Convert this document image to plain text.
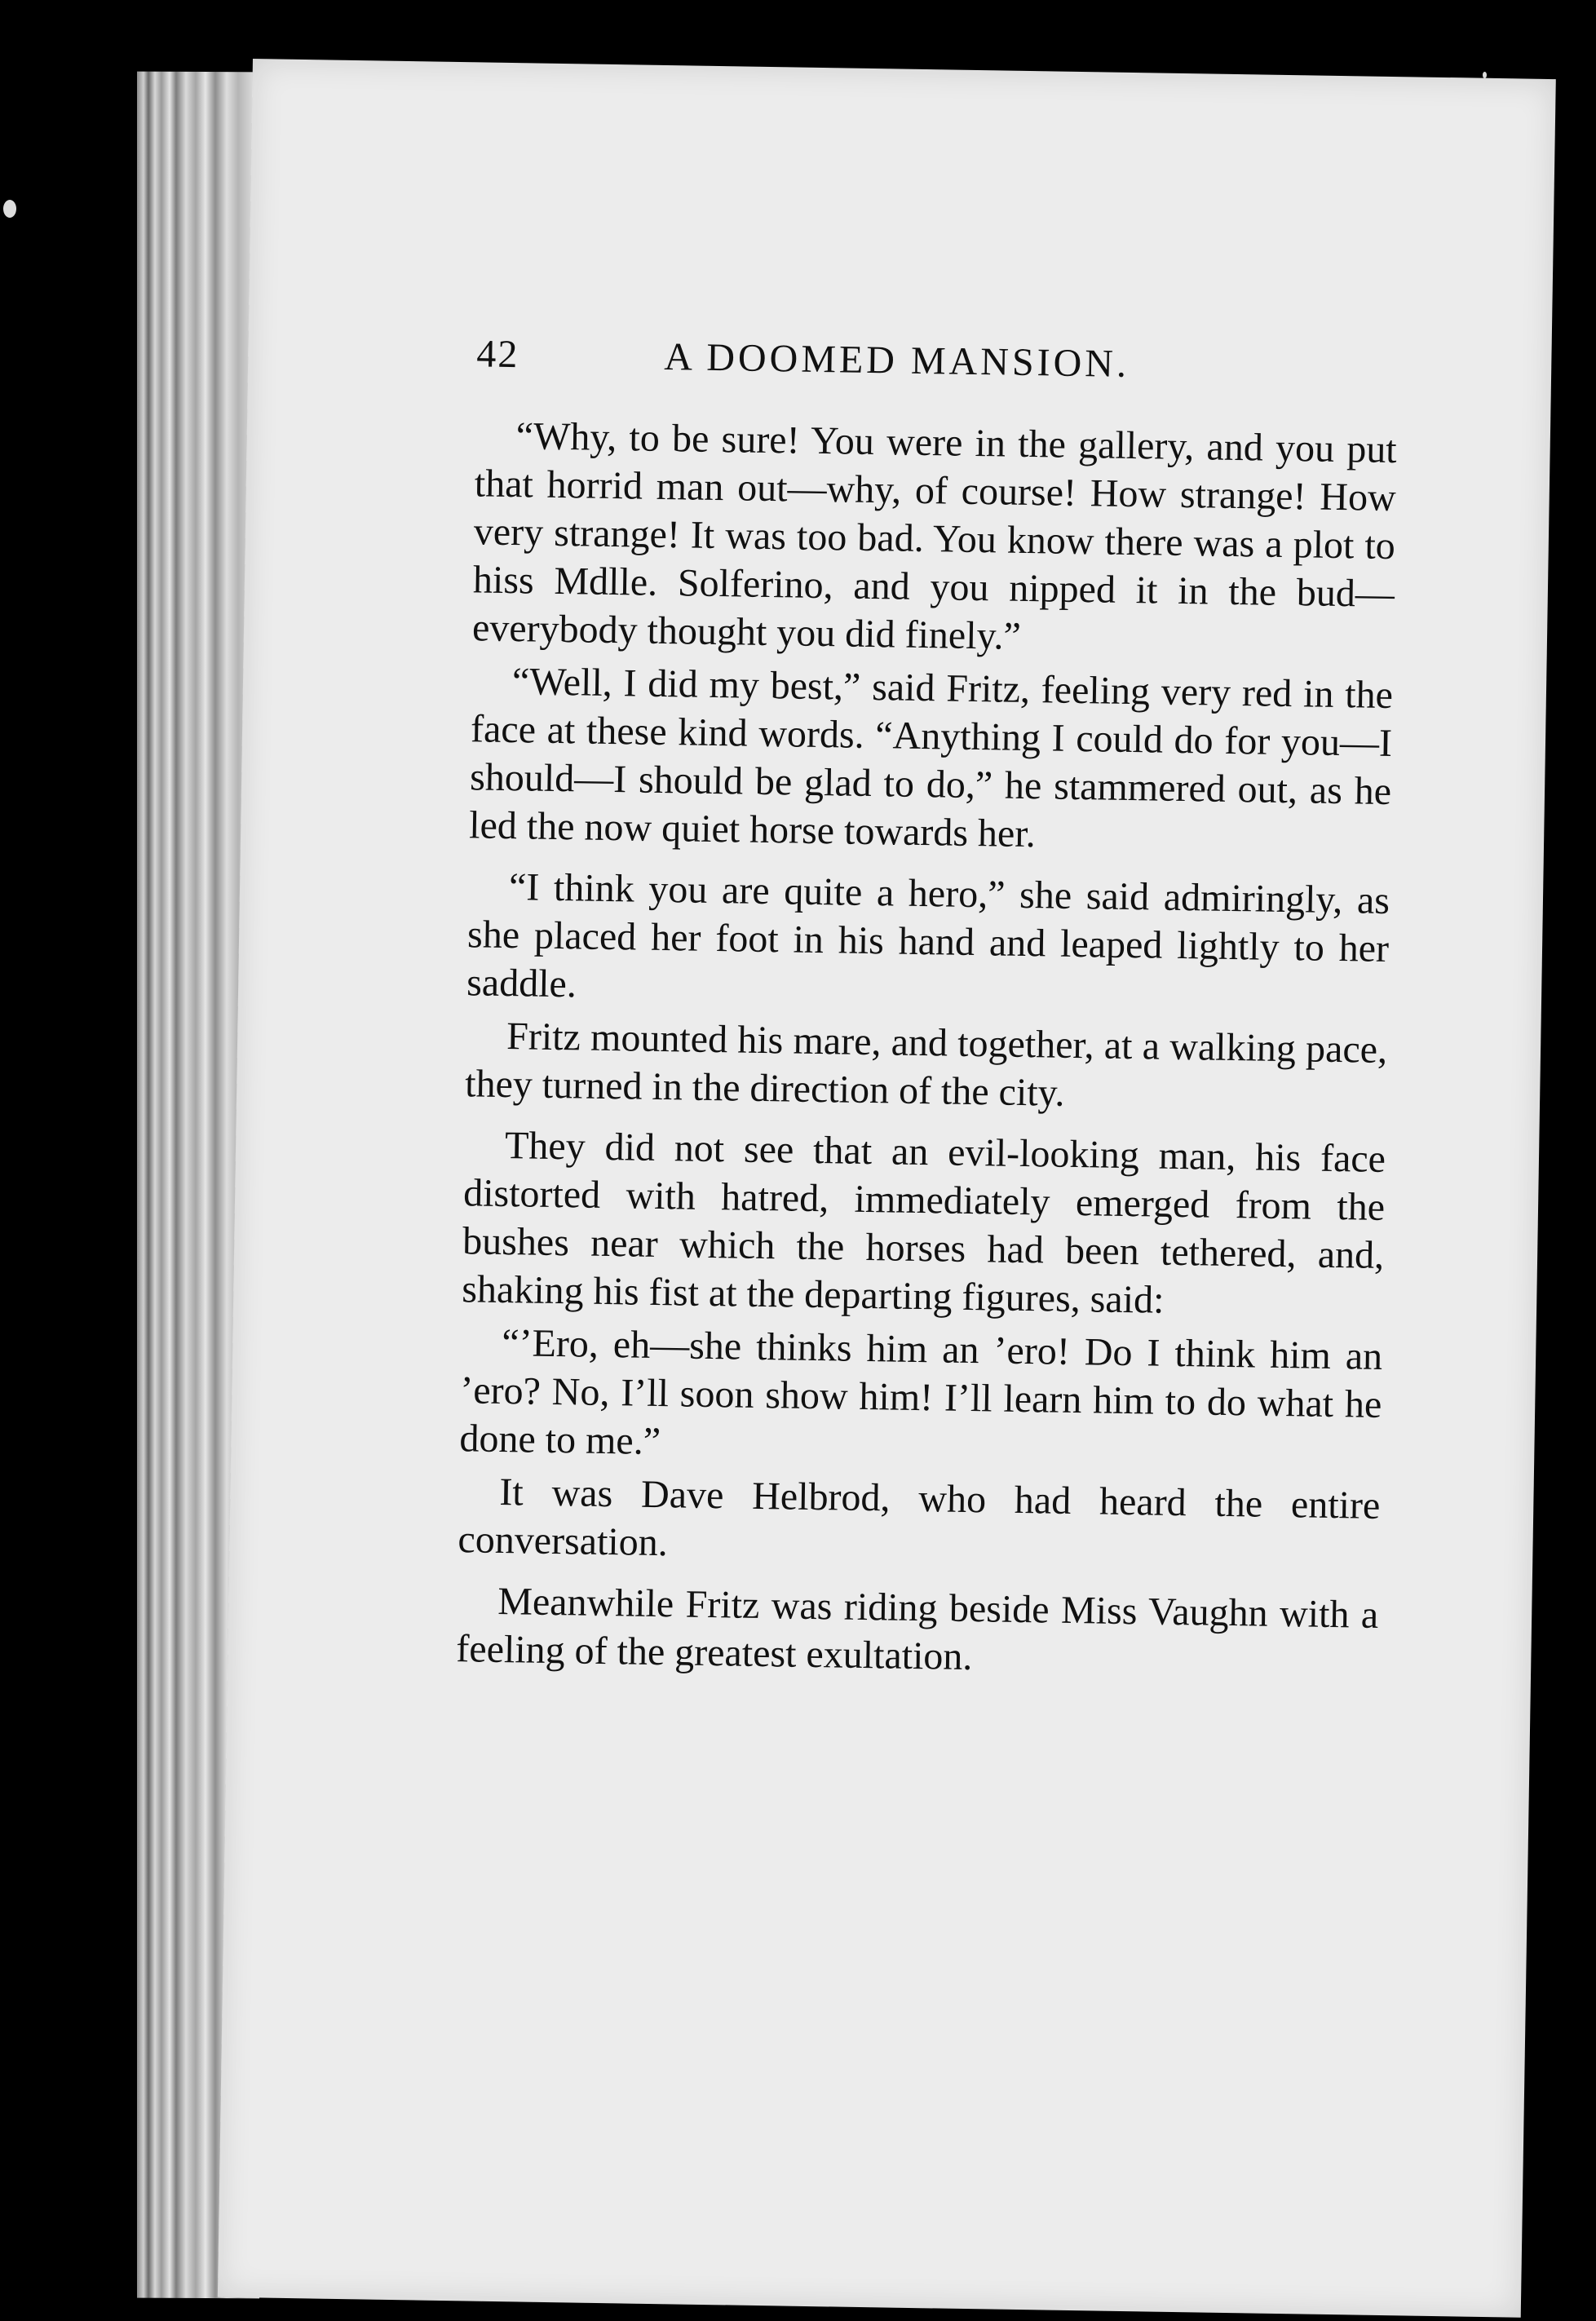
42	A DOOMED MANSION.

“Why, to be sure! You were in the gallery, and you put that horrid man out—why, of course! How strange! How very strange! It was too bad. You know there was a plot to hiss Mdlle. Solferino, and you nipped it in the bud—everybody thought you did finely.”

“Well, I did my best,” said Fritz, feeling very red in the face at these kind words. “Anything I could do for you—I should—I should be glad to do,” he stammered out, as he led the now quiet horse towards her.

“I think you are quite a hero,” she said admiringly, as she placed her foot in his hand and leaped lightly to her saddle.

Fritz mounted his mare, and together, at a walking pace, they turned in the direction of the city.

They did not see that an evil-looking man, his face distorted with hatred, immediately emerged from the bushes near which the horses had been tethered, and, shaking his fist at the departing figures, said:

“’Ero, eh—she thinks him an ’ero! Do I think him an ’ero? No, I’ll soon show him! I’ll learn him to do what he done to me.”

It was Dave Helbrod, who had heard the entire conversation.

Meanwhile Fritz was riding beside Miss Vaughn with a feeling of the greatest exultation.
